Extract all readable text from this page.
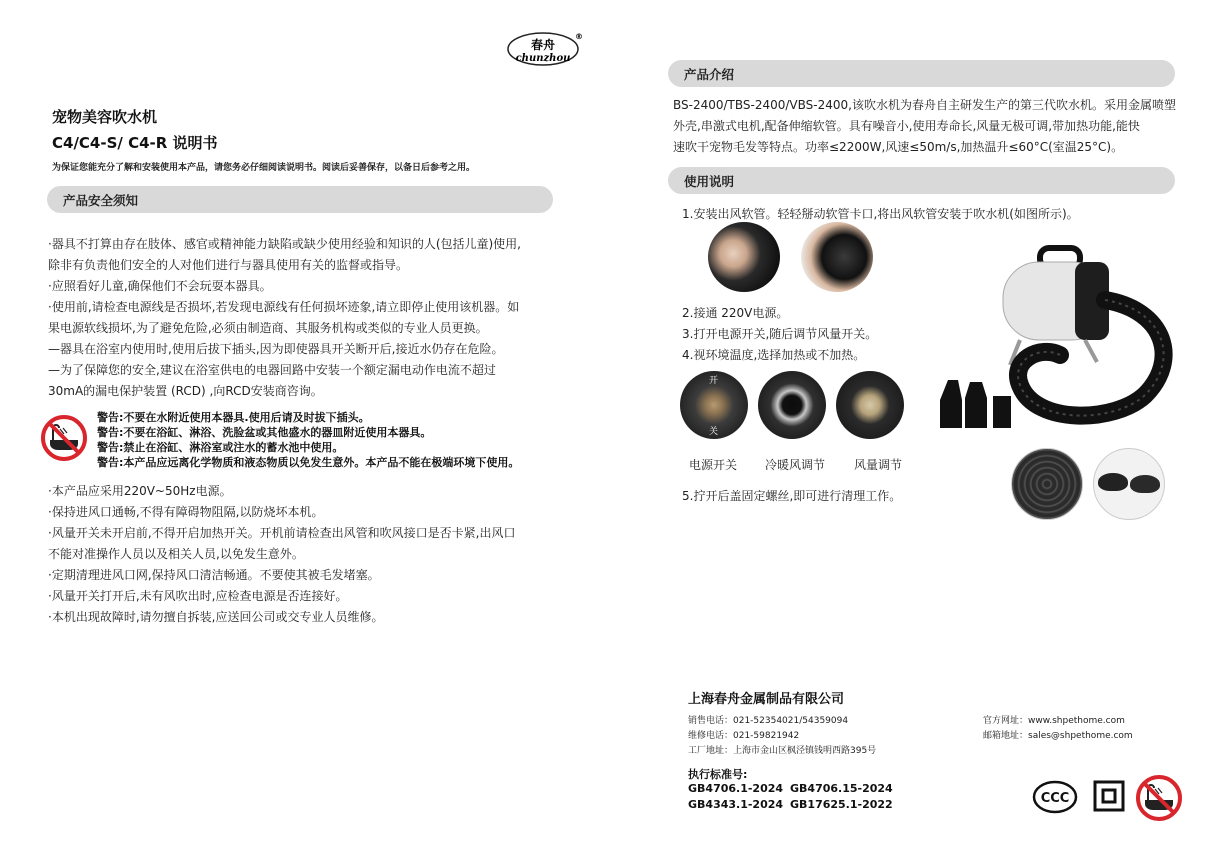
春舟
chunzhou
®
宠物美容吹水机
C4/C4-S/ C4-R 说明书
为保证您能充分了解和安装使用本产品，请您务必仔细阅读说明书。阅读后妥善保存，以备日后参考之用。
产品安全须知
·器具不打算由存在肢体、感官或精神能力缺陷或缺少使用经验和知识的人(包括儿童)使用,
除非有负责他们安全的人对他们进行与器具使用有关的监督或指导。
·应照看好儿童,确保他们不会玩耍本器具。
·使用前,请检查电源线是否损坏,若发现电源线有任何损坏迹象,请立即停止使用该机器。如
果电源软线损坏,为了避免危险,必须由制造商、其服务机构或类似的专业人员更换。
—器具在浴室内使用时,使用后拔下插头,因为即使器具开关断开后,接近水仍存在危险。
—为了保障您的安全,建议在浴室供电的电器回路中安装一个额定漏电动作电流不超过
30mA的漏电保护装置 (RCD) ,向RCD安装商咨询。
警告:不要在水附近使用本器具.使用后请及时拔下插头。
警告:不要在浴缸、淋浴、洗脸盆或其他盛水的器皿附近使用本器具。
警告:禁止在浴缸、淋浴室或注水的蓄水池中使用。
警告:本产品应远离化学物质和液态物质以免发生意外。本产品不能在极端环境下使用。
·本产品应采用220V~50Hz电源。
·保持进风口通畅,不得有障碍物阻隔,以防烧坏本机。
·风量开关未开启前,不得开启加热开关。开机前请检查出风管和吹风接口是否卡紧,出风口
不能对准操作人员以及相关人员,以免发生意外。
·定期清理进风口网,保持风口清洁畅通。不要使其被毛发堵塞。
·风量开关打开后,未有风吹出时,应检查电源是否连接好。
·本机出现故障时,请勿擅自拆装,应送回公司或交专业人员维修。
产品介绍
BS-2400/TBS-2400/VBS-2400,该吹水机为春舟自主研发生产的第三代吹水机。采用金属喷塑
外壳,串激式电机,配备伸缩软管。具有噪音小,使用寿命长,风量无极可调,带加热功能,能快
速吹干宠物毛发等特点。功率≤2200W,风速≤50m/s,加热温升≤60°C(室温25°C)。
使用说明
1.安装出风软管。轻轻掰动软管卡口,将出风软管安装于吹水机(如图所示)。
2.接通 220V电源。
3.打开电源开关,随后调节风量开关。
4.视环境温度,选择加热或不加热。
开
关
电源开关 冷暖风调节 风量调节
5.拧开后盖固定螺丝,即可进行清理工作。
上海春舟金属制品有限公司
销售电话：021-52354021/54359094
维修电话：021-59821942
工厂地址：上海市金山区枫泾镇钱明西路395号
官方网址：www.shpethome.com
邮箱地址：sales@shpethome.com
执行标准号:
GB4706.1-2024 GB4706.15-2024
GB4343.1-2024 GB17625.1-2022	CCC
